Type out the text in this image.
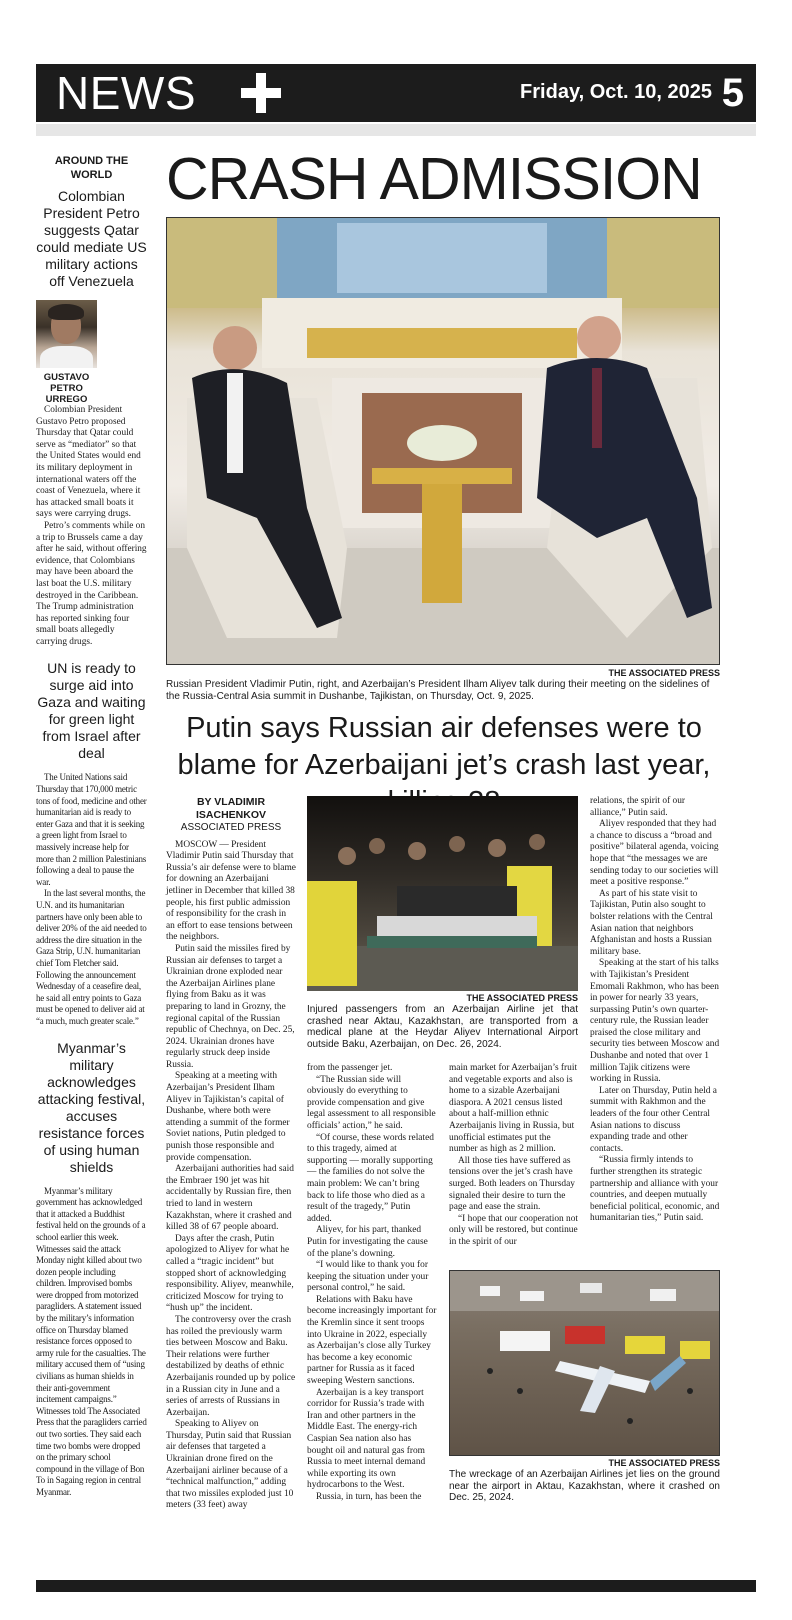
NEWS	Friday, Oct. 10, 2025 5
AROUND THE WORLD
Colombian President Petro suggests Qatar could mediate US military actions off Venezuela
GUSTAVO PETRO URREGO

Colombian President Gustavo Petro proposed Thursday that Qatar could serve as “mediator” so that the United States would end its military deployment in international waters off the coast of Venezuela, where it has attacked small boats it says were carrying drugs.

Petro’s comments while on a trip to Brussels came a day after he said, without offering evidence, that Colombians may have been aboard the last boat the U.S. military destroyed in the Caribbean. The Trump administration has reported sinking four small boats allegedly carrying drugs.

UN is ready to surge aid into Gaza and waiting for green light from Israel after deal

The United Nations said Thursday that 170,000 metric tons of food, medicine and other humanitarian aid is ready to enter Gaza and that it is seeking a green light from Israel to massively increase help for more than 2 million Palestinians following a deal to pause the war.

In the last several months, the U.N. and its humanitarian partners have only been able to deliver 20% of the aid needed to address the dire situation in the Gaza Strip, U.N. humanitarian chief Tom Fletcher said. Following the announcement Wednesday of a ceasefire deal, he said all entry points to Gaza must be opened to deliver aid at “a much, much greater scale.”

Myanmar’s military acknowledges attacking festival, accuses resistance forces of using human shields

Myanmar’s military government has acknowledged that it attacked a Buddhist festival held on the grounds of a school earlier this week. Witnesses said the attack Monday night killed about two dozen people including children. Improvised bombs were dropped from motorized paragliders. A statement issued by the military’s information office on Thursday blamed resistance forces opposed to army rule for the casualties. The military accused them of “using civilians as human shields in their anti-government incitement campaigns.” Witnesses told The Associated Press that the paragliders carried out two sorties. They said each time two bombs were dropped on the primary school compound in the village of Bon To in Sagaing region in central Myanmar.

CRASH ADMISSION
THE ASSOCIATED PRESS
Russian President Vladimir Putin, right, and Azerbaijan’s President Ilham Aliyev talk during their meeting on the sidelines of the Russia-Central Asia summit in Dushanbe, Tajikistan, on Thursday, Oct. 9, 2025.
Putin says Russian air defenses were to blame for Azerbaijani jet’s crash last year,
BY VLADIMIR ISACHENKOV
ASSOCIATED PRESS

MOSCOW — President Vladimir Putin said Thursday that Russia’s air defense were to blame for downing an Azerbaijani jetliner in December that killed 38 people, his first public admission of responsibility for the crash in an effort to ease tensions between the neighbors.

Putin said the missiles fired by Russian air defenses to target a Ukrainian drone exploded near the Azerbaijan Airlines plane flying from Baku as it was preparing to land in Grozny, the regional capital of the Russian republic of Chechnya, on Dec. 25, 2024. Ukrainian drones have regularly struck deep inside Russia.

Speaking at a meeting with Azerbaijan’s President Ilham Aliyev in Tajikistan’s capital of Dushanbe, where both were attending a summit of the former Soviet nations, Putin pledged to punish those responsible and provide compensation.

Azerbaijani authorities had said the Embraer 190 jet was hit accidentally by Russian fire, then tried to land in western Kazakhstan, where it crashed and killed 38 of 67 people aboard.

Days after the crash, Putin apologized to Aliyev for what he called a “tragic incident” but stopped short of acknowledging responsibility. Aliyev, meanwhile, criticized Moscow for trying to “hush up” the incident.

The controversy over the crash has roiled the previously warm ties between Moscow and Baku. Their relations were further destabilized by deaths of ethnic Azerbaijanis rounded up by police in a Russian city in June and a series of arrests of Russians in Azerbaijan.

Speaking to Aliyev on Thursday, Putin said that Russian air defenses that targeted a Ukrainian drone fired on the Azerbaijani airliner because of a “technical malfunction,” adding that two missiles exploded just 10 meters (33 feet) away

THE ASSOCIATED PRESS
Injured passengers from an Azerbaijan Airline jet that crashed near Aktau, Kazakhstan, are transported from a medical plane at the Heydar Aliyev International Airport outside Baku, Azerbaijan, on Dec. 26, 2024.

from the passenger jet.

“The Russian side will obviously do everything to provide compensation and give legal assessment to all responsible officials’ action,” he said.

“Of course, these words related to this tragedy, aimed at supporting — morally supporting — the families do not solve the main problem: We can’t bring back to life those who died as a result of the tragedy,” Putin added.

Aliyev, for his part, thanked Putin for investigating the cause of the plane’s downing.

“I would like to thank you for keeping the situation under your personal control,” he said.

Relations with Baku have become increasingly important for the Kremlin since it sent troops into Ukraine in 2022, especially as Azerbaijan’s close ally Turkey has become a key economic partner for Russia as it faced sweeping Western sanctions.

Azerbaijan is a key transport corridor for Russia’s trade with Iran and other partners in the Middle East. The energy-rich Caspian Sea nation also has bought oil and natural gas from Russia to meet internal demand while exporting its own hydrocarbons to the West.

Russia, in turn, has been the

main market for Azerbaijan’s fruit and vegetable exports and also is home to a sizable Azerbaijani diaspora. A 2021 census listed about a half-million ethnic Azerbaijanis living in Russia, but unofficial estimates put the number as high as 2 million.

All those ties have suffered as tensions over the jet’s crash have surged. Both leaders on Thursday signaled their desire to turn the page and ease the strain.

“I hope that our cooperation not only will be restored, but continue in the spirit of our

relations, the spirit of our alliance,” Putin said.

Aliyev responded that they had a chance to discuss a “broad and positive” bilateral agenda, voicing hope that “the messages we are sending today to our societies will meet a positive response.”

As part of his state visit to Tajikistan, Putin also sought to bolster relations with the Central Asian nation that neighbors Afghanistan and hosts a Russian military base.

Speaking at the start of his talks with Tajikistan’s President Emomali Rakhmon, who has been in power for nearly 33 years, surpassing Putin’s own quarter-century rule, the Russian leader praised the close military and security ties between Moscow and Dushanbe and noted that over 1 million Tajik citizens were working in Russia.

Later on Thursday, Putin held a summit with Rakhmon and the leaders of the four other Central Asian nations to discuss expanding trade and other contacts.

“Russia firmly intends to further strengthen its strategic partnership and alliance with your countries, and deepen mutually beneficial political, economic, and humanitarian ties,” Putin said.

THE ASSOCIATED PRESS
The wreckage of an Azerbaijan Airlines jet lies on the ground near the airport in Aktau, Kazakhstan, where it crashed on Dec. 25, 2024.
